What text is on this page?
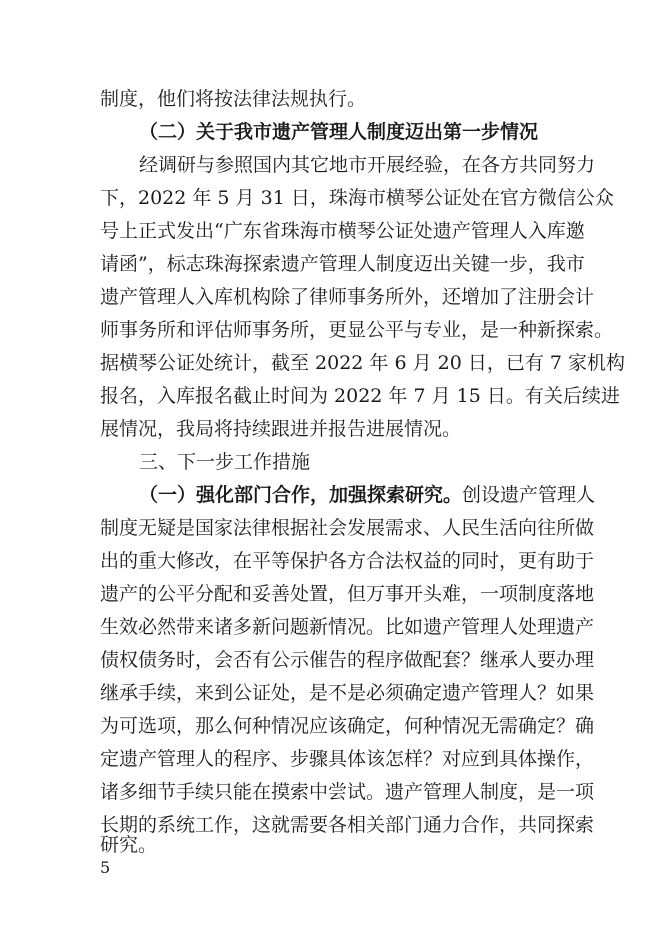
制度，他们将按法律法规执行。
（二）关于我市遗产管理人制度迈出第一步情况
经调研与参照国内其它地市开展经验，在各方共同努力
下，2022 年 5 月 31 日，珠海市横琴公证处在官方微信公众
号上正式发出“广东省珠海市横琴公证处遗产管理人入库邀
请函”，标志珠海探索遗产管理人制度迈出关键一步，我市
遗产管理人入库机构除了律师事务所外，还增加了注册会计
师事务所和评估师事务所，更显公平与专业，是一种新探索。
据横琴公证处统计，截至 2022 年 6 月 20 日，已有 7 家机构
报名，入库报名截止时间为 2022 年 7 月 15 日。有关后续进
展情况，我局将持续跟进并报告进展情况。
三、下一步工作措施
（一）强化部门合作，加强探索研究。创设遗产管理人
制度无疑是国家法律根据社会发展需求、人民生活向往所做
出的重大修改，在平等保护各方合法权益的同时，更有助于
遗产的公平分配和妥善处置，但万事开头难，一项制度落地
生效必然带来诸多新问题新情况。比如遗产管理人处理遗产
债权债务时，会否有公示催告的程序做配套？继承人要办理
继承手续，来到公证处，是不是必须确定遗产管理人？如果
为可选项，那么何种情况应该确定，何种情况无需确定？确
定遗产管理人的程序、步骤具体该怎样？对应到具体操作，
诸多细节手续只能在摸索中尝试。遗产管理人制度，是一项
长期的系统工作，这就需要各相关部门通力合作，共同探索
研究。
5
